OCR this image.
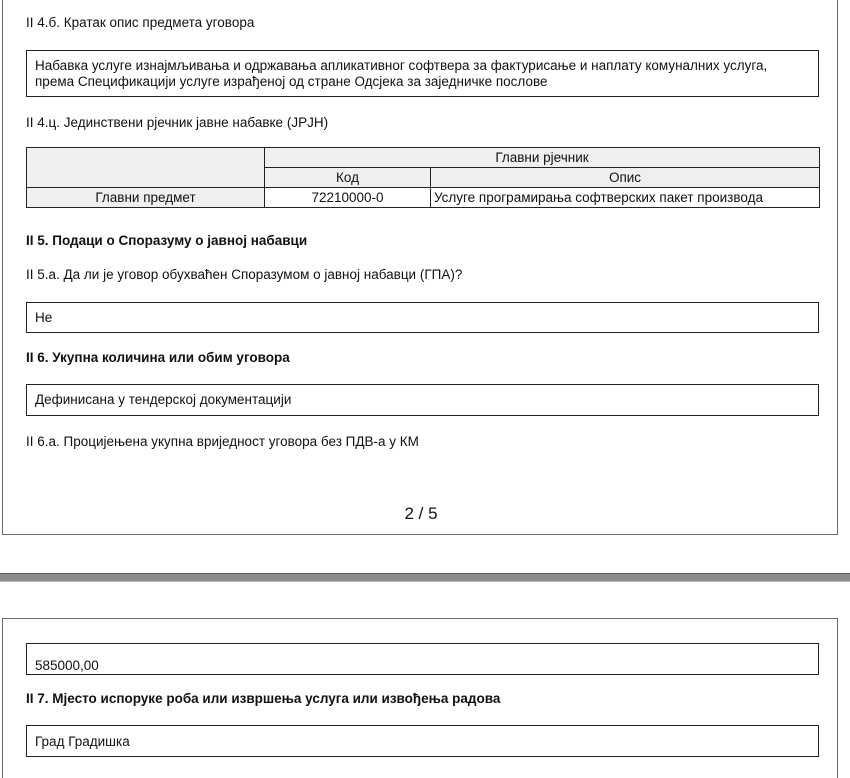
II 4.б. Кратак опис предмета уговора
Набавка услуге изнајмљивања и одржавања апликативног софтвера за фактурисање и наплату комуналних услуга,
према Спецификацији услуге израђеној од стране Одсјека за заједничке послове
II 4.ц. Јединствени рјечник јавне набавке (ЈРЈН)
	Главни рјечник	
	Код	Опис
Главни предмет	72210000-0	Услуге програмирања софтверских пакет производа
II 5. Подаци о Споразуму о јавној набавци
II 5.а. Да ли је уговор обухваћен Споразумом о јавној набавци (ГПА)?
Не
II 6. Укупна количина или обим уговора
Дефинисана у тендерској документацији
II 6.а. Процијењена укупна вриједност уговора без ПДВ-а у КМ
2 / 5
585000,00
II 7. Мјесто испоруке роба или извршења услуга или извођења радова
Град Градишка
